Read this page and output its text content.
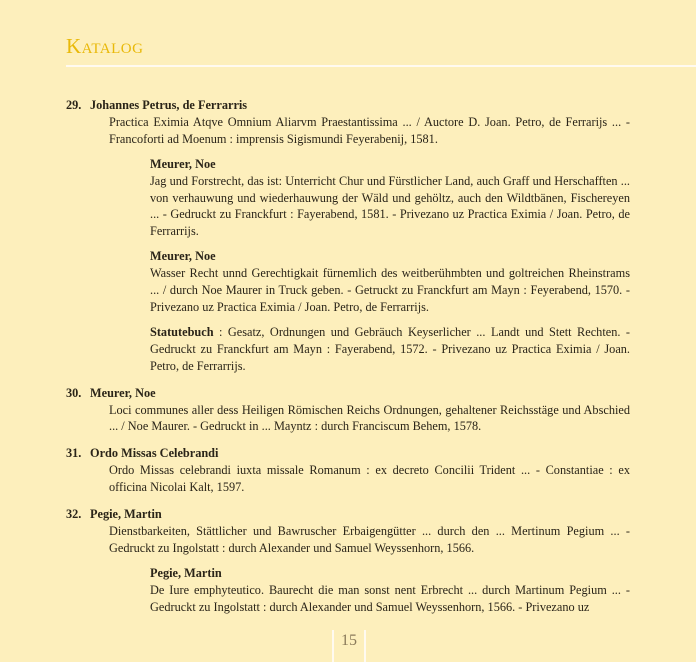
Katalog
29. Johannes Petrus, de Ferrarris
Practica Eximia Atqve Omnium Aliarvm Praestantissima ... / Auctore D. Joan. Petro, de Ferrarijs ... - Francoforti ad Moenum : imprensis Sigismundi Feyerabenij, 1581.
Meurer, Noe
Jag und Forstrecht, das ist: Unterricht Chur und Fürstlicher Land, auch Graff und Herschafften ... von verhauwung und wiederhauwung der Wäld und gehöltz, auch den Wildtbänen, Fischereyen ... - Gedruckt zu Franckfurt : Fayerabend, 1581. - Privezano uz Practica Eximia / Joan. Petro, de Ferrarrijs.
Meurer, Noe
Wasser Recht unnd Gerechtigkait fürnemlich des weitberühmbten und goltreichen Rheinstrams ... / durch Noe Maurer in Truck geben. - Getruckt zu Franckfurt am Mayn : Feyerabend, 1570. - Privezano uz Practica Eximia / Joan. Petro, de Ferrarrijs.
Statutebuch : Gesatz, Ordnungen und Gebräuch Keyserlicher ... Landt und Stett Rechten. - Gedruckt zu Franckfurt am Mayn : Fayerabend, 1572. - Privezano uz Practica Eximia / Joan. Petro, de Ferrarrijs.
30. Meurer, Noe
Loci communes aller dess Heiligen Römischen Reichs Ordnungen, gehaltener Reichsstäge und Abschied ... / Noe Maurer. - Gedruckt in ... Mayntz : durch Franciscum Behem, 1578.
31. Ordo Missas Celebrandi
Ordo Missas celebrandi iuxta missale Romanum : ex decreto Concilii Trident ... - Constantiae : ex officina Nicolai Kalt, 1597.
32. Pegie, Martin
Dienstbarkeiten, Stättlicher und Bawruscher Erbaigengütter ... durch den ... Mertinum Pegium ... - Gedruckt zu Ingolstatt : durch Alexander und Samuel Weyssenhorn, 1566.
Pegie, Martin
De Iure emphyteutico. Baurecht die man sonst nent Erbrecht ... durch Martinum Pegium ... - Gedruckt zu Ingolstatt : durch Alexander und Samuel Weyssenhorn, 1566. - Privezano uz
15
